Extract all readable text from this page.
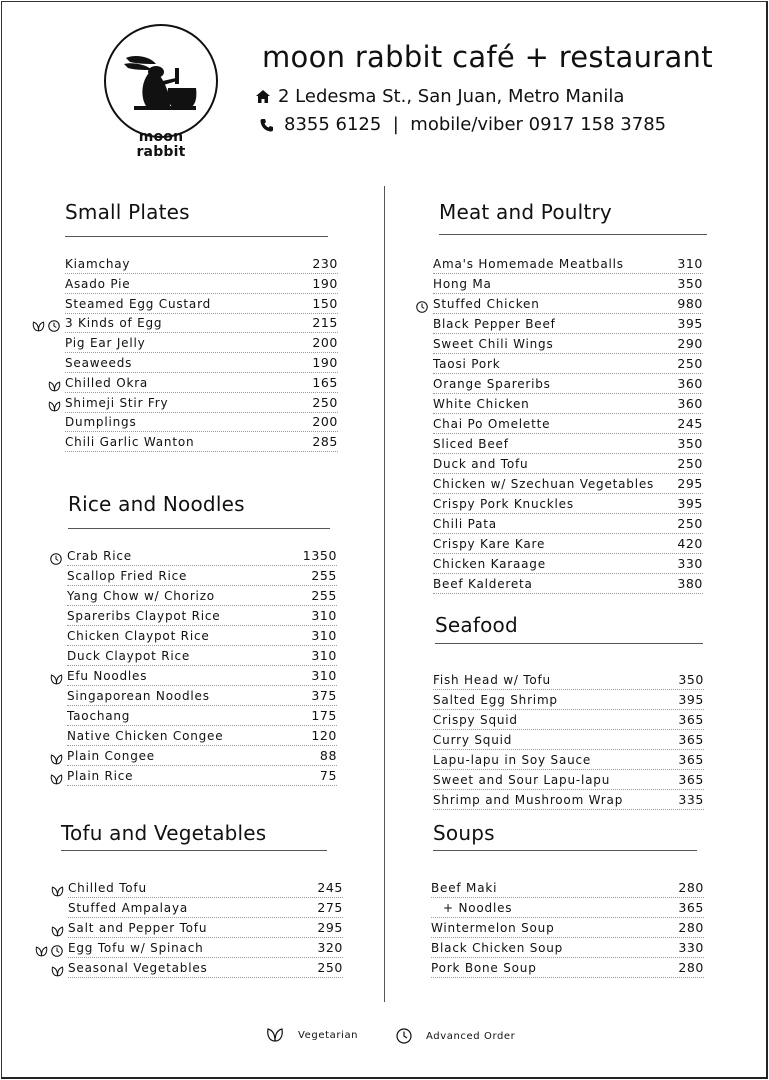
moon
rabbit
moon rabbit café + restaurant
2 Ledesma St., San Juan, Metro Manila
8355 6125  |  mobile/viber 0917 158 3785
Small Plates
Kiamchay	230
Asado Pie	190
Steamed Egg Custard	150
3 Kinds of Egg	215
Pig Ear Jelly	200
Seaweeds	190
Chilled Okra	165
Shimeji Stir Fry	250
Dumplings	200
Chili Garlic Wanton	285
Rice and Noodles
Crab Rice	1350
Scallop Fried Rice	255
Yang Chow w/ Chorizo	255
Spareribs Claypot Rice	310
Chicken Claypot Rice	310
Duck Claypot Rice	310
Efu Noodles	310
Singaporean Noodles	375
Taochang	175
Native Chicken Congee	120
Plain Congee	88
Plain Rice	75
Tofu and Vegetables
Chilled Tofu	245
Stuffed Ampalaya	275
Salt and Pepper Tofu	295
Egg Tofu w/ Spinach	320
Seasonal Vegetables	250
Meat and Poultry
Ama's Homemade Meatballs	310
Hong Ma	350
Stuffed Chicken	980
Black Pepper Beef	395
Sweet Chili Wings	290
Taosi Pork	250
Orange Spareribs	360
White Chicken	360
Chai Po Omelette	245
Sliced Beef	350
Duck and Tofu	250
Chicken w/ Szechuan Vegetables 295
Crispy Pork Knuckles	395
Chili Pata	250
Crispy Kare Kare	420
Chicken Karaage	330
Beef Kaldereta	380
Seafood
Fish Head w/ Tofu	350
Salted Egg Shrimp	395
Crispy Squid	365
Curry Squid	365
Lapu-lapu in Soy Sauce	365
Sweet and Sour Lapu-lapu	365
Shrimp and Mushroom Wrap	335
Soups
Beef Maki	280
+ Noodles	365
Wintermelon Soup	280
Black Chicken Soup	330
Pork Bone Soup	280
Vegetarian	Advanced Order
